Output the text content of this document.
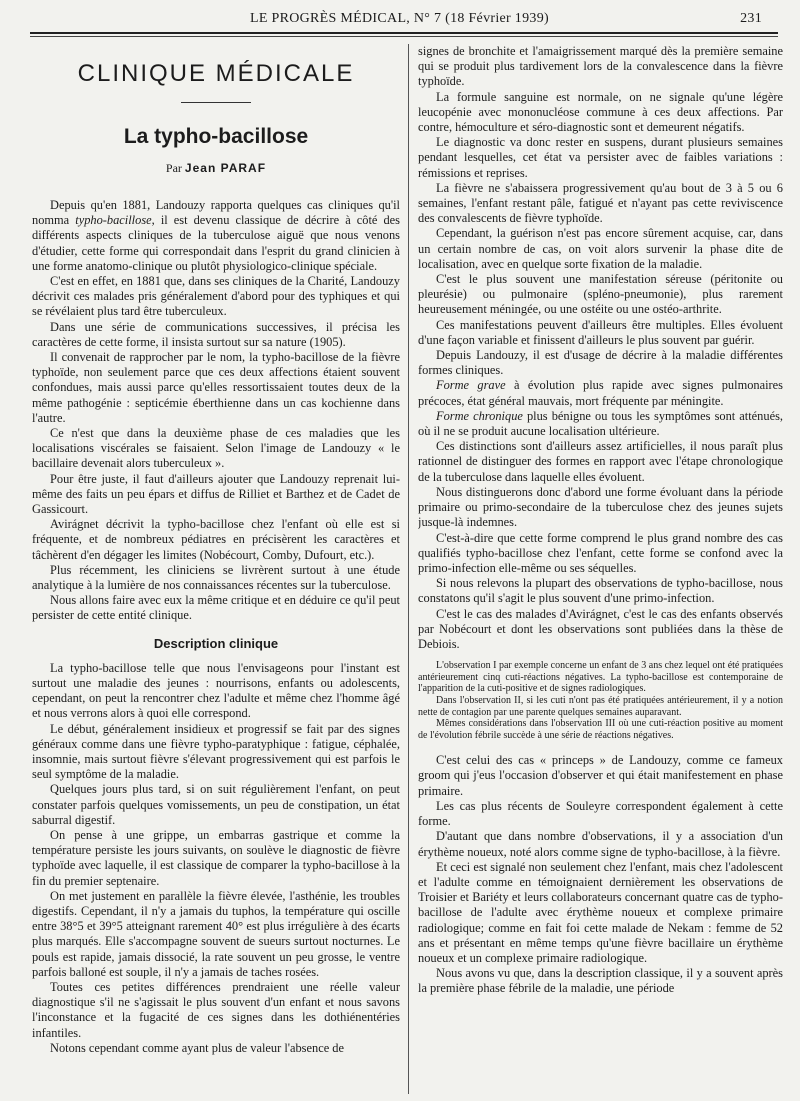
LE PROGRÈS MÉDICAL, N° 7 (18 Février 1939)	231
CLINIQUE MÉDICALE
La typho-bacillose
Par Jean PARAF

Depuis qu'en 1881, Landouzy rapporta quelques cas cliniques qu'il nomma typho-bacillose, il est devenu classique de décrire à côté des différents aspects cliniques de la tuberculose aiguë que nous venons d'étudier, cette forme qui correspondait dans l'esprit du grand clinicien à une forme anatomo-clinique ou plutôt physiologico-clinique spéciale.

C'est en effet, en 1881 que, dans ses cliniques de la Charité, Landouzy décrivit ces malades pris généralement d'abord pour des typhiques et qui se révélaient plus tard être tuberculeux.

Dans une série de communications successives, il précisa les caractères de cette forme, il insista surtout sur sa nature (1905).

Il convenait de rapprocher par le nom, la typho-bacillose de la fièvre typhoïde, non seulement parce que ces deux affections étaient souvent confondues, mais aussi parce qu'elles ressortissaient toutes deux de la même pathogénie : septicémie éberthienne dans un cas kochienne dans l'autre.

Ce n'est que dans la deuxième phase de ces maladies que les localisations viscérales se faisaient. Selon l'image de Landouzy « le bacillaire devenait alors tuberculeux ».

Pour être juste, il faut d'ailleurs ajouter que Landouzy reprenait lui-même des faits un peu épars et diffus de Rilliet et Barthez et de Cadet de Gassicourt.

Avirágnet décrivit la typho-bacillose chez l'enfant où elle est si fréquente, et de nombreux pédiatres en précisèrent les caractères et tâchèrent d'en dégager les limites (Nobécourt, Comby, Dufourt, etc.).

Plus récemment, les cliniciens se livrèrent surtout à une étude analytique à la lumière de nos connaissances récentes sur la tuberculose.

Nous allons faire avec eux la même critique et en déduire ce qu'il peut persister de cette entité clinique.

Description clinique

La typho-bacillose telle que nous l'envisageons pour l'instant est surtout une maladie des jeunes : nourrisons, enfants ou adolescents, cependant, on peut la rencontrer chez l'adulte et même chez l'homme âgé et nous verrons alors à quoi elle correspond.

Le début, généralement insidieux et progressif se fait par des signes généraux comme dans une fièvre typho-paratyphique : fatigue, céphalée, insomnie, mais surtout fièvre s'élevant progressivement qui est parfois le seul symptôme de la maladie.

Quelques jours plus tard, si on suit régulièrement l'enfant, on peut constater parfois quelques vomissements, un peu de constipation, un état saburral digestif.

On pense à une grippe, un embarras gastrique et comme la température persiste les jours suivants, on soulève le diagnostic de fièvre typhoïde avec laquelle, il est classique de comparer la typho-bacillose à la fin du premier septenaire.

On met justement en parallèle la fièvre élevée, l'asthénie, les troubles digestifs. Cependant, il n'y a jamais du tuphos, la température qui oscille entre 38°5 et 39°5 atteignant rarement 40° est plus irrégulière à des écarts plus marqués. Elle s'accompagne souvent de sueurs surtout nocturnes. Le pouls est rapide, jamais dissocié, la rate souvent un peu grosse, le ventre parfois balloné est souple, il n'y a jamais de taches rosées.

Toutes ces petites différences prendraient une réelle valeur diagnostique s'il ne s'agissait le plus souvent d'un enfant et nous savons l'inconstance et la fugacité de ces signes dans les dothiénentéries infantiles.

Notons cependant comme ayant plus de valeur l'absence de

signes de bronchite et l'amaigrissement marqué dès la première semaine qui se produit plus tardivement lors de la convalescence dans la fièvre typhoïde.

La formule sanguine est normale, on ne signale qu'une légère leucopénie avec mononucléose commune à ces deux affections. Par contre, hémoculture et séro-diagnostic sont et demeurent négatifs.

Le diagnostic va donc rester en suspens, durant plusieurs semaines pendant lesquelles, cet état va persister avec de faibles variations : rémissions et reprises.

La fièvre ne s'abaissera progressivement qu'au bout de 3 à 5 ou 6 semaines, l'enfant restant pâle, fatigué et n'ayant pas cette reviviscence des convalescents de fièvre typhoïde.

Cependant, la guérison n'est pas encore sûrement acquise, car, dans un certain nombre de cas, on voit alors survenir la phase dite de localisation, avec en quelque sorte fixation de la maladie.

C'est le plus souvent une manifestation séreuse (péritonite ou pleurésie) ou pulmonaire (spléno-pneumonie), plus rarement heureusement méningée, ou une ostéite ou une ostéo-arthrite.

Ces manifestations peuvent d'ailleurs être multiples. Elles évoluent d'une façon variable et finissent d'ailleurs le plus souvent par guérir.

Depuis Landouzy, il est d'usage de décrire à la maladie différentes formes cliniques.

Forme grave à évolution plus rapide avec signes pulmonaires précoces, état général mauvais, mort fréquente par méningite.

Forme chronique plus bénigne ou tous les symptômes sont atténués, où il ne se produit aucune localisation ultérieure.

Ces distinctions sont d'ailleurs assez artificielles, il nous paraît plus rationnel de distinguer des formes en rapport avec l'étape chronologique de la tuberculose dans laquelle elles évoluent.

Nous distinguerons donc d'abord une forme évoluant dans la période primaire ou primo-secondaire de la tuberculose chez des jeunes sujets jusque-là indemnes.

C'est-à-dire que cette forme comprend le plus grand nombre des cas qualifiés typho-bacillose chez l'enfant, cette forme se confond avec la primo-infection elle-même ou ses séquelles.

Si nous relevons la plupart des observations de typho-bacillose, nous constatons qu'il s'agit le plus souvent d'une primo-infection.

C'est le cas des malades d'Avirágnet, c'est le cas des enfants observés par Nobécourt et dont les observations sont publiées dans la thèse de Debiois.

L'observation I par exemple concerne un enfant de 3 ans chez lequel ont été pratiquées antérieurement cinq cuti-réactions négatives. La typho-bacillose est contemporaine de l'apparition de la cuti-positive et de signes radiologiques.

Dans l'observation II, si les cuti n'ont pas été pratiquées antérieurement, il y a notion nette de contagion par une parente quelques semaines auparavant.

Mêmes considérations dans l'observation III où une cuti-réaction positive au moment de l'évolution fébrile succède à une série de réactions négatives.

C'est celui des cas « princeps » de Landouzy, comme ce fameux groom qui j'eus l'occasion d'observer et qui était manifestement en phase primaire.

Les cas plus récents de Souleyre correspondent également à cette forme.

D'autant que dans nombre d'observations, il y a association d'un érythème noueux, noté alors comme signe de typho-bacillose, à la fièvre.

Et ceci est signalé non seulement chez l'enfant, mais chez l'adolescent et l'adulte comme en témoignaient dernièrement les observations de Troisier et Bariéty et leurs collaborateurs concernant quatre cas de typho-bacillose de l'adulte avec érythème noueux et complexe primaire radiologique; comme en fait foi cette malade de Nekam : femme de 52 ans et présentant en même temps qu'une fièvre bacillaire un érythème noueux et un complexe primaire radiologique.

Nous avons vu que, dans la description classique, il y a souvent après la première phase fébrile de la maladie, une période
